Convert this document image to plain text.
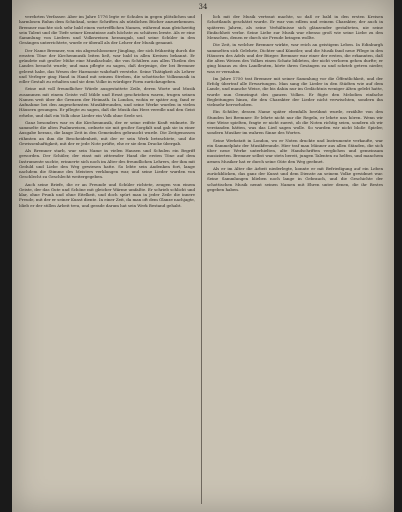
34

verehrten Verfasser. Aber im Jahre 1776 legte er Schulen in gegen plötzlichen und harmlosen Ruhm dem Schicksal, seine Schriften als nützlichen Bücher anzuerkennen. Bremner machte sich sehr bald einen vortrefflichen Namen, während man gleichzeitig sein Talent und die Tiefe seiner Kenntnisse aufs höchste zu schätzen lernte. Als er eine Sammlung von Liedern und Volksweisen herausgab, und seine Schüler in den Gesängen unterrichtete, wurde er überall als der Lehrer der Musik genannt.

Der Name Bremner, von ein abgeschlossener Jüngling, der sich frühzeitig durch die ernsten Töne der Kirchenmusik leiten ließ, war bald in allen Kreisen bekannt. Er gründete mit großer Mühe eine Musikschule, die von Schülern aus allen Theilen des Landes besucht wurde; und man pflegte zu sagen, daß derjenige, der bei Bremner gelernt habe, das Wesen der Harmonie wahrhaft verstehe. Seine Thätigkeit als Lehrer und Verleger ging Hand in Hand mit seinem Streben, die schottische Volksmusik in edler Gestalt zu erhalten und sie dem Volke in würdiger Form zurückzugeben.

Seine mit voll freundlicher Würde ausgestattete Zeile, deren Worte und Musik zusammen mit einem Geiste voll Milde und Ernst geschrieben waren, trugen seinen Namen weit über die Grenzen der Heimath. In London, wohin er später zog, fand er Aufnahme bei den angesehensten Musikfreunden, und seine Werke wurden in vielen Häusern gesungen. Er pflegte zu sagen, daß die Musik das Herz veredle und den Geist erhebe, und daß ein Volk ohne Lieder ein Volk ohne Seele sei.

Ganz besonders war es die Kirchenmusik, der er seine reifste Kraft widmete. Er sammelte die alten Psalmweisen, ordnete sie mit großer Sorgfalt und gab sie in einer Ausgabe heraus, die lange Zeit in den Gemeinden gebraucht wurde. Die Zeitgenossen rühmten an ihm die Bescheidenheit, mit der er sein Werk betrachtete, und die Gewissenhaftigkeit, mit der er jede Note prüfte, ehe er sie dem Drucke übergab.

Als Bremner starb, war sein Name in vielen Hausen und Schulen ein Begriff geworden. Der Schüler, der einst mit zitternder Hand die ersten Töne auf dem Instrumente suchte, erinnerte sich noch im Alter des freundlichen Lehrers, der ihm mit Geduld und Liebe den Weg gewiesen hatte. So lebte sein Andenken fort, lange nachdem die Stimme des Meisters verklungen war, und seine Lieder wurden von Geschlecht zu Geschlecht weitergegeben.

Auch seine Briefe, die er an Freunde und Schüler richtete, zeugen von einem Geiste, der das Gute und Schöne mit gleicher Wärme umfaßte. Er schrieb schlicht und klar, ohne Prunk und ohne Eitelkeit, und doch spürt man in jeder Zeile die innere Freude, mit der er seiner Kunst diente. In einer Zeit, da man oft dem Glanze nachjagte, blieb er der stillen Arbeit treu, und gerade darum hat sein Werk Bestand gehabt.

lich mit der Musik vertraut machte, so daß er bald in den ersten Kreisen Schottlands geschätzt wurde. Er war von edlem und reinem Charakter, der auch in späteren Jahren, als seine Verhältnisse sich glänzender gestalteten, nie seine Einfachheit verlor. Seine Liebe zur Musik war ebenso groß wie seine Liebe zu den Menschen, denen er durch sie Freude bringen wollte.

Die Zeit, in welcher Bremner wirkte, war reich an geistigem Leben. In Edinburgh sammelten sich Gelehrte, Dichter und Künstler, und die Musik fand neue Pflege in den Häusern des Adels und der Bürger. Bremner war einer der ersten, die erkannten, daß die alten Weisen des Volkes einen Schatz bildeten, der nicht verloren gehen durfte; er ging hinaus zu den Landleuten, hörte ihren Gesängen zu und schrieb getreu nieder, was er vernahm.

Im Jahre 1750 trat Bremner mit seiner Sammlung vor die Öffentlichkeit, und der Erfolg übertraf alle Erwartungen. Man sang die Lieder in den Städten wie auf dem Lande, und manche Weise, die bis dahin nur im Gedächtnis weniger Alten gelebt hatte, wurde nun Gemeingut des ganzen Volkes. Er fügte den Melodien einfache Begleitungen hinzu, die den Charakter der Lieder nicht verwischten, sondern ihn vielmehr hervorhoben.

Ein Schüler, dessen Name später ebenfalls berühmt wurde, erzählte von den Stunden bei Bremner: Er lehrte nicht nur die Regeln, er lehrte uns hören. Wenn wir eine Weise spielten, fragte er nicht zuerst, ob die Noten richtig seien, sondern ob wir verstanden hätten, was das Lied sagen wolle. So wurden wir nicht bloße Spieler, sondern Musiker im wahren Sinne des Wortes.

Seine Werkstatt in London, wo er Noten druckte und Instrumente verkaufte, war ein Sammelplatz der Musikfreunde. Hier traf man Männer aus allen Ständen, die sich über neue Werke unterhielten, alte Handschriften verglichen und gemeinsam musizierten. Bremner selbst war stets bereit, jungen Talenten zu helfen, und manchem armen Musiker hat er durch seine Güte den Weg geebnet.

Als er im Alter die Arbeit niederlegte, konnte er mit Befriedigung auf ein Leben zurückblicken, das ganz der Kunst und dem Dienste an seinem Volke gewidmet war. Seine Sammlungen blieben noch lange in Gebrauch, und die Geschichte der schottischen Musik nennt seinen Namen mit Ehren unter denen, die ihr Bestes gegeben haben.
